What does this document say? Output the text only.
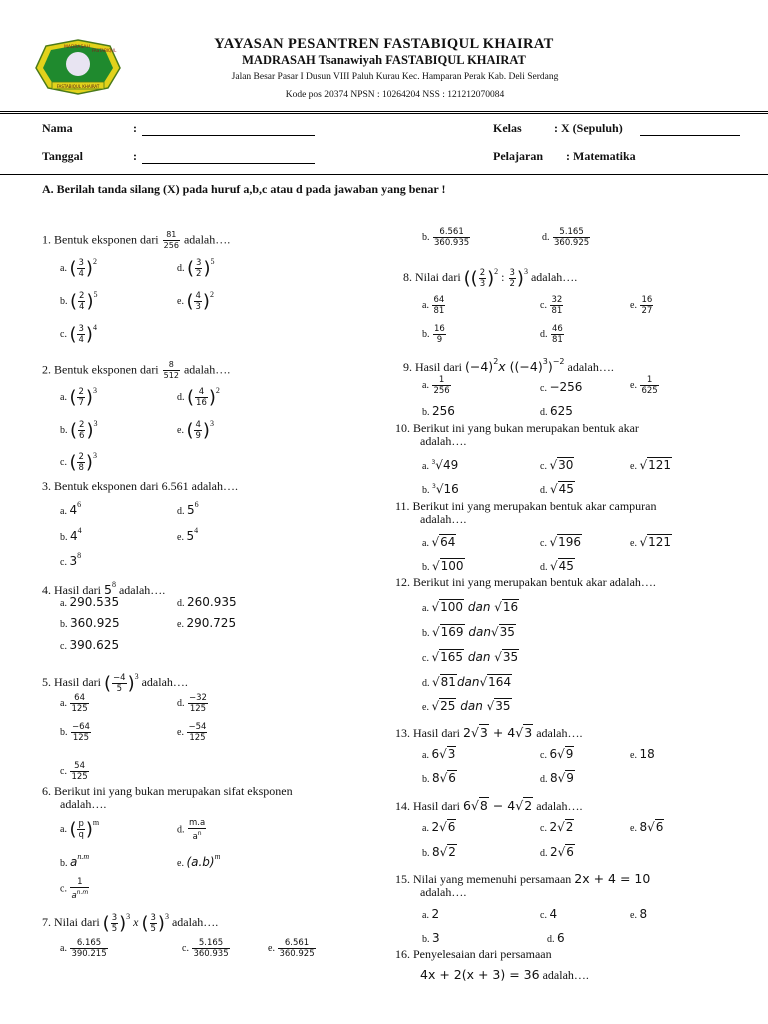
FASTABIQUL KHAIRAT
MADRASAH
FASTABIQUL	YAYASAN PESANTREN FASTABIQUL KHAIRAT
MADRASAH Tsanawiyah FASTABIQUL KHAIRAT
Jalan Besar Pasar I Dusun VIII Paluh Kurau Kec. Hamparan Perak Kab. Deli Serdang
Kode pos 20374 NPSN : 10264204 NSS : 121212070084
Nama	:
Tanggal	:
Kelas	: X (Sepuluh)
Pelajaran : Matematika
A. Berilah tanda silang (X) pada huruf a,b,c atau d pada jawaban yang benar !
1. Bentuk eksponen dari $\frac{81}{256}$ adalah….
a. ( $\frac{3}{4} )^2$
d. ( $\frac{3}{2} )^5$
b. ( $\frac{2}{4} )^5$
e. ( $\frac{4}{3} )^2$
c. ( $\frac{3}{4} )^4$
2. Bentuk eksponen dari $\frac{8}{512}$ adalah….
a. ( $\frac{2}{7} )^3$
d. ( $\frac{4}{16} )^2$
b. ( $\frac{2}{6} )^3$
e. ( $\frac{4}{9} )^3$
c. ( $\frac{2}{8} )^3$
3. Bentuk eksponen dari 6.561 adalah….
a. $4^6$
d. $5^6$
b. $4^4$
e. $5^4$
c. $3^8$
4. Hasil dari $5^8$ adalah….
a. 290.535	d. 260.935
b. 360.925	e. 290.725
c. 390.625
5. Hasil dari ( $\frac{-4}{5} )^3$ adalah….
a. $\frac{64}{125}$	d. $\frac{-32}{125}$
b. $\frac{-64}{125}$	e. $\frac{-54}{125}$
c. $\frac{54}{125}$
6. Berikut ini yang bukan merupakan sifat eksponen
adalah….
a. ( $\frac{p}{q} )^m$
d. $\frac{m.a}{a^n}$
b. $a^{n.m}$
e. $(a.b)^m$
c. $\frac{1}{a^{n.m}}$
7. Nilai dari ( $\frac{3}{5} )^3$ x ( $\frac{3}{5} )^3$ adalah….
a. $\frac{6.165}{390.215}$	c. $\frac{5.165}{360.935}$	e. $\frac{6.561}{360.925}$
b. $\frac{6.561}{360.935}$	d. $\frac{5.165}{360.925}$
8. Nilai dari (( $\frac{2}{3} )^2$ : $\frac{3}{2} )^3$ adalah….
a. $\frac{64}{81}$	c. $\frac{32}{81}$	e. $\frac{16}{27}$
b. $\frac{16}{9}$	d. $\frac{46}{81}$
9. Hasil dari $(-4)^2x$ $((-4)^3)^{-2}$ adalah….
a. $\frac{1}{256}$	c. −256	e. $\frac{1}{625}$
b. 256	d. 625
10. Berikut ini yang bukan merupakan bentuk akar
adalah….
a. $^3$√49	c. √30	e. √121
b. $^3$√16	d. √45
11. Berikut ini yang merupakan bentuk akar campuran
adalah….
a. √64	c. √196	e. √121
b. √100	d. √45
12. Berikut ini yang merupakan bentuk akar adalah….
a. √100 dan √16
b. √169 dan√35
c. √165 dan √35
d. √81dan√164
e. √25 dan √35
13. Hasil dari 2√3 + 4√3 adalah….
a. 6√3	c. 6√9	e. 18
b. 8√6	d. 8√9
14. Hasil dari 6√8 − 4√2 adalah….
a. 2√6	c. 2√2	e. 8√6
b. 8√2	d. 2√6
15. Nilai yang memenuhi persamaan 2x + 4 = 10
adalah….
a. 2	c. 4	e. 8
b. 3	d. 6
16. Penyelesaian dari persamaan
4x + 2(x + 3) = 36 adalah….
